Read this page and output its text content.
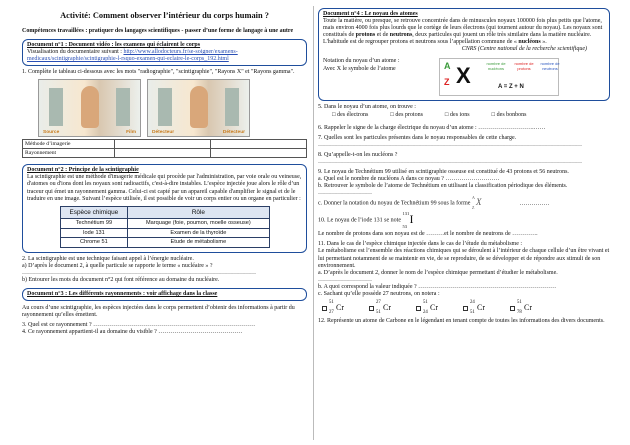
Activité: Comment observer l’intérieur du corps humain ?
Compétences travaillées : pratiquer des langages scientifiques - passer d’une forme de langage à une autre
Document n°1 : Document vidéo : les examens qui éclairent le corps
Visualisation du documentaire suivant : http://www.allodocteurs.fr/se-soigner/examens-medicaux/scintigraphie/scintigraphie-l-rsquo-examen-qui-eclaire-le-corps_192.html
1. Complète le tableau ci-dessous avec les mots "radiographie", "scintigraphie", "Rayons X" et "Rayons gamma".
Source	Film	Détecteur	Détecteur
Méthode d’imagerie		
Rayonnement		
Document n°2 : Principe de la scintigraphie
La scintigraphie est une méthode d'imagerie médicale qui procède par l'administration, par voie orale ou veineuse, d'atomes ou d'ions dont les noyaux sont radioactifs, c'est-à-dire instables. L’espèce injectée joue alors le rôle d’un traceur qui émet un rayonnement gamma. Celui-ci est capté par un appareil capable d'amplifier le signal et de le traduire en une image. Suivant l’espèce utilisée, il est possible de voir un corps entier ou un organe en particulier :
Espèce chimique	Rôle
Technétium 99	Marquage (foie, poumon, moelle osseuse)
Iode 131	Examen de la thyroïde
Chrome 51	Etude de métabolisme
2. La scintigraphie est une technique faisant appel à l’énergie nucléaire.
a) D’après le document 2, à quelle particule se rapporte le terme « nucléaire » ?
………………………………………………………………………………………………………
b) Entourer les mots du document n°2 qui font référence au domaine du nucléaire.
Document n°3 : Les différents rayonnements : voir affichage dans la classe
Au cours d’une scintigraphie, les espèces injectées dans le corps permettent d’obtenir des informations à partir du rayonnement qu’elles émettent.
3. Quel est ce rayonnement ? ………………………………………………………………………
4. Ce rayonnement appartient-il au domaine du visible ? ……………………………………
Document n°4 : Le noyau des atomes
Toute la matière, ou presque, se retrouve concentrée dans de minuscules noyaux 100000 fois plus petits que l'atome, mais environ 4000 fois plus lourds que le cortège de leurs électrons (qui tournent autour du noyau). Les noyaux sont constitués de protons et de neutrons, deux particules qui jouent un rôle très similaire dans la matière nucléaire.
L'habitude est de regrouper protons et neutrons sous l’appellation commune de « nucléons ».
CNRS (Centre national de la recherche scientifique)
Notation du noyau d’un atome :
Avec X le symbole de l’atome	A
Z X	nombre de nucléons
nombre de protons
nombre de neutrons
A = Z + N
5. Dans le noyau d’un atome, on trouve :
□ des électrons	□ des protons	□ des ions	□ des bonbons
6. Rappeler le signe de la charge électrique du noyau d’un atome : ……………………….……
7. Quelles sont les particules présentes dans le noyau responsables de cette charge.
……………………………………………………………………………………………………………………
8. Qu’appelle-t-on les nucléons ?
……………………………………………………………………………………………………………………
9. Le noyau de Technétium 99 utilisé en scintigraphie osseuse est constitué de 43 protons et 56 neutrons.
a. Quel est le nombre de nucléons A dans ce noyau ? ………………………
b. Retrouver le symbole de l’atome de Technétium en utilisant la classification périodique des éléments. ………………………
c. Donner la notation du noyau de Technétium 99 sous la forme
A
Z X	……………
10. Le noyau de l’iode 131 se note
131
53
I
Le nombre de protons dans son noyau est de ………et le nombre de neutrons de ………….
11. Dans le cas de l’espèce chimique injectée dans le cas de l’étude du métabolisme :
Le métabolisme est l’ensemble des réactions chimiques qui se déroulent à l’intérieur de chaque cellule d’un être vivant et lui permettant notamment de se maintenir en vie, de se reproduire, de se développer et de répondre aux stimuli de son environnement.
a. D’après le document 2, donner le nom de l’espèce chimique permettant d’étudier le métabolisme. ………………………
b. A quoi correspond la valeur indiquée ? ……………………………………………………………
c. Sachant qu’elle possède 27 neutrons, on notera :
51
27
Cr
27
51
Cr
51
24
Cr
24
51
Cr
51
78
Cr
12. Représente un atome de Carbone en le légendant en tenant compte de toutes les informations des divers documents.
